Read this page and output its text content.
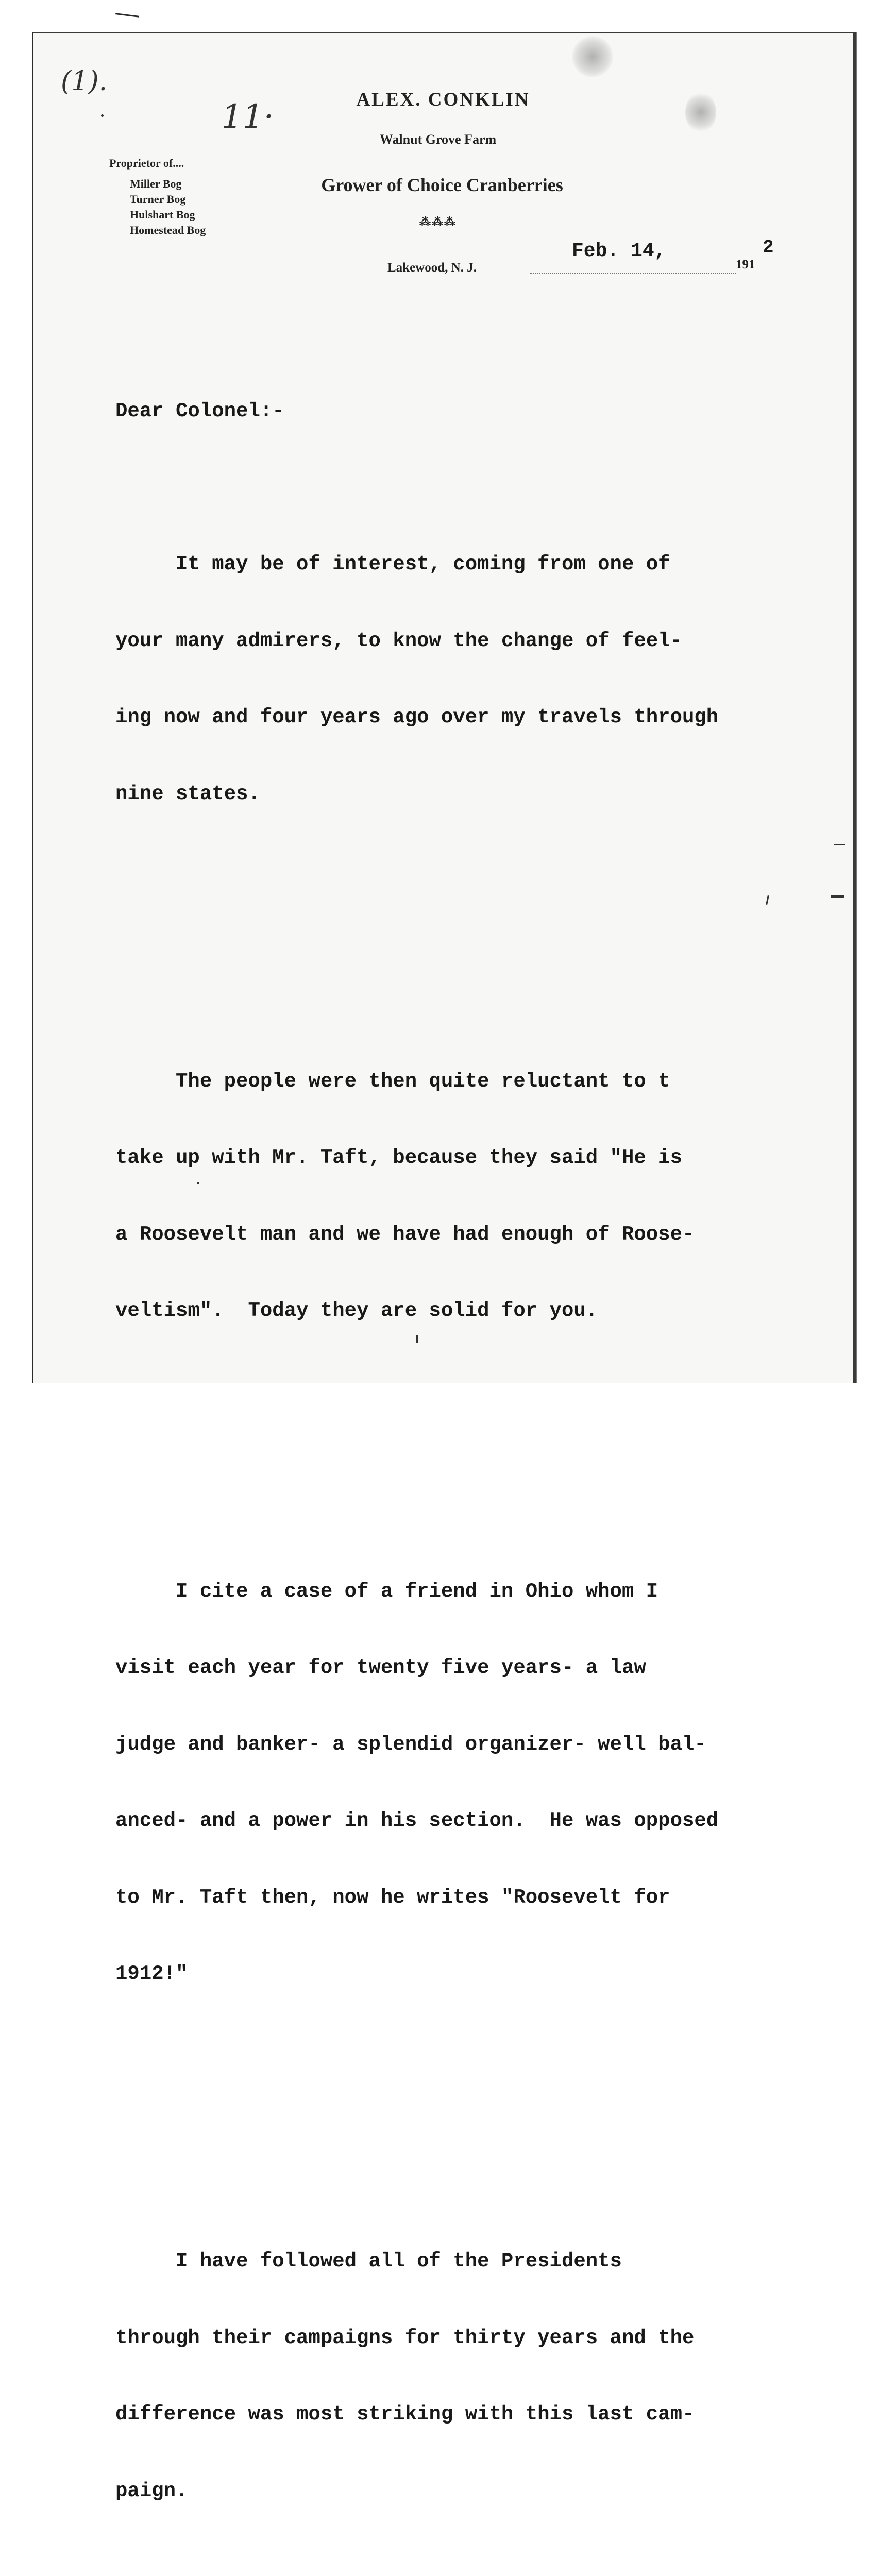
(1).
11·	ALEX. CONKLIN
Walnut Grove Farm
Grower of Choice Cranberries
⁂⁂⁂
Proprietor of....
Miller Bog
Turner Bog
Hulshart Bog
Homestead Bog
Lakewood, N. J.
Feb. 14,
191
2

Dear Colonel:-

It may be of interest, coming from one of

your many admirers, to know the change of feel-

ing now and four years ago over my travels through

nine states.

The people were then quite reluctant to t

take up with Mr. Taft, because they said "He is

a Roosevelt man and we have had enough of Roose-

veltism".  Today they are solid for you.

I cite a case of a friend in Ohio whom I

visit each year for twenty five years- a law

judge and banker- a splendid organizer- well bal-

anced- and a power in his section.  He was opposed

to Mr. Taft then, now he writes "Roosevelt for

1912!"

I have followed all of the Presidents

through their campaigns for thirty years and the

difference was most striking with this last cam-

paign.
